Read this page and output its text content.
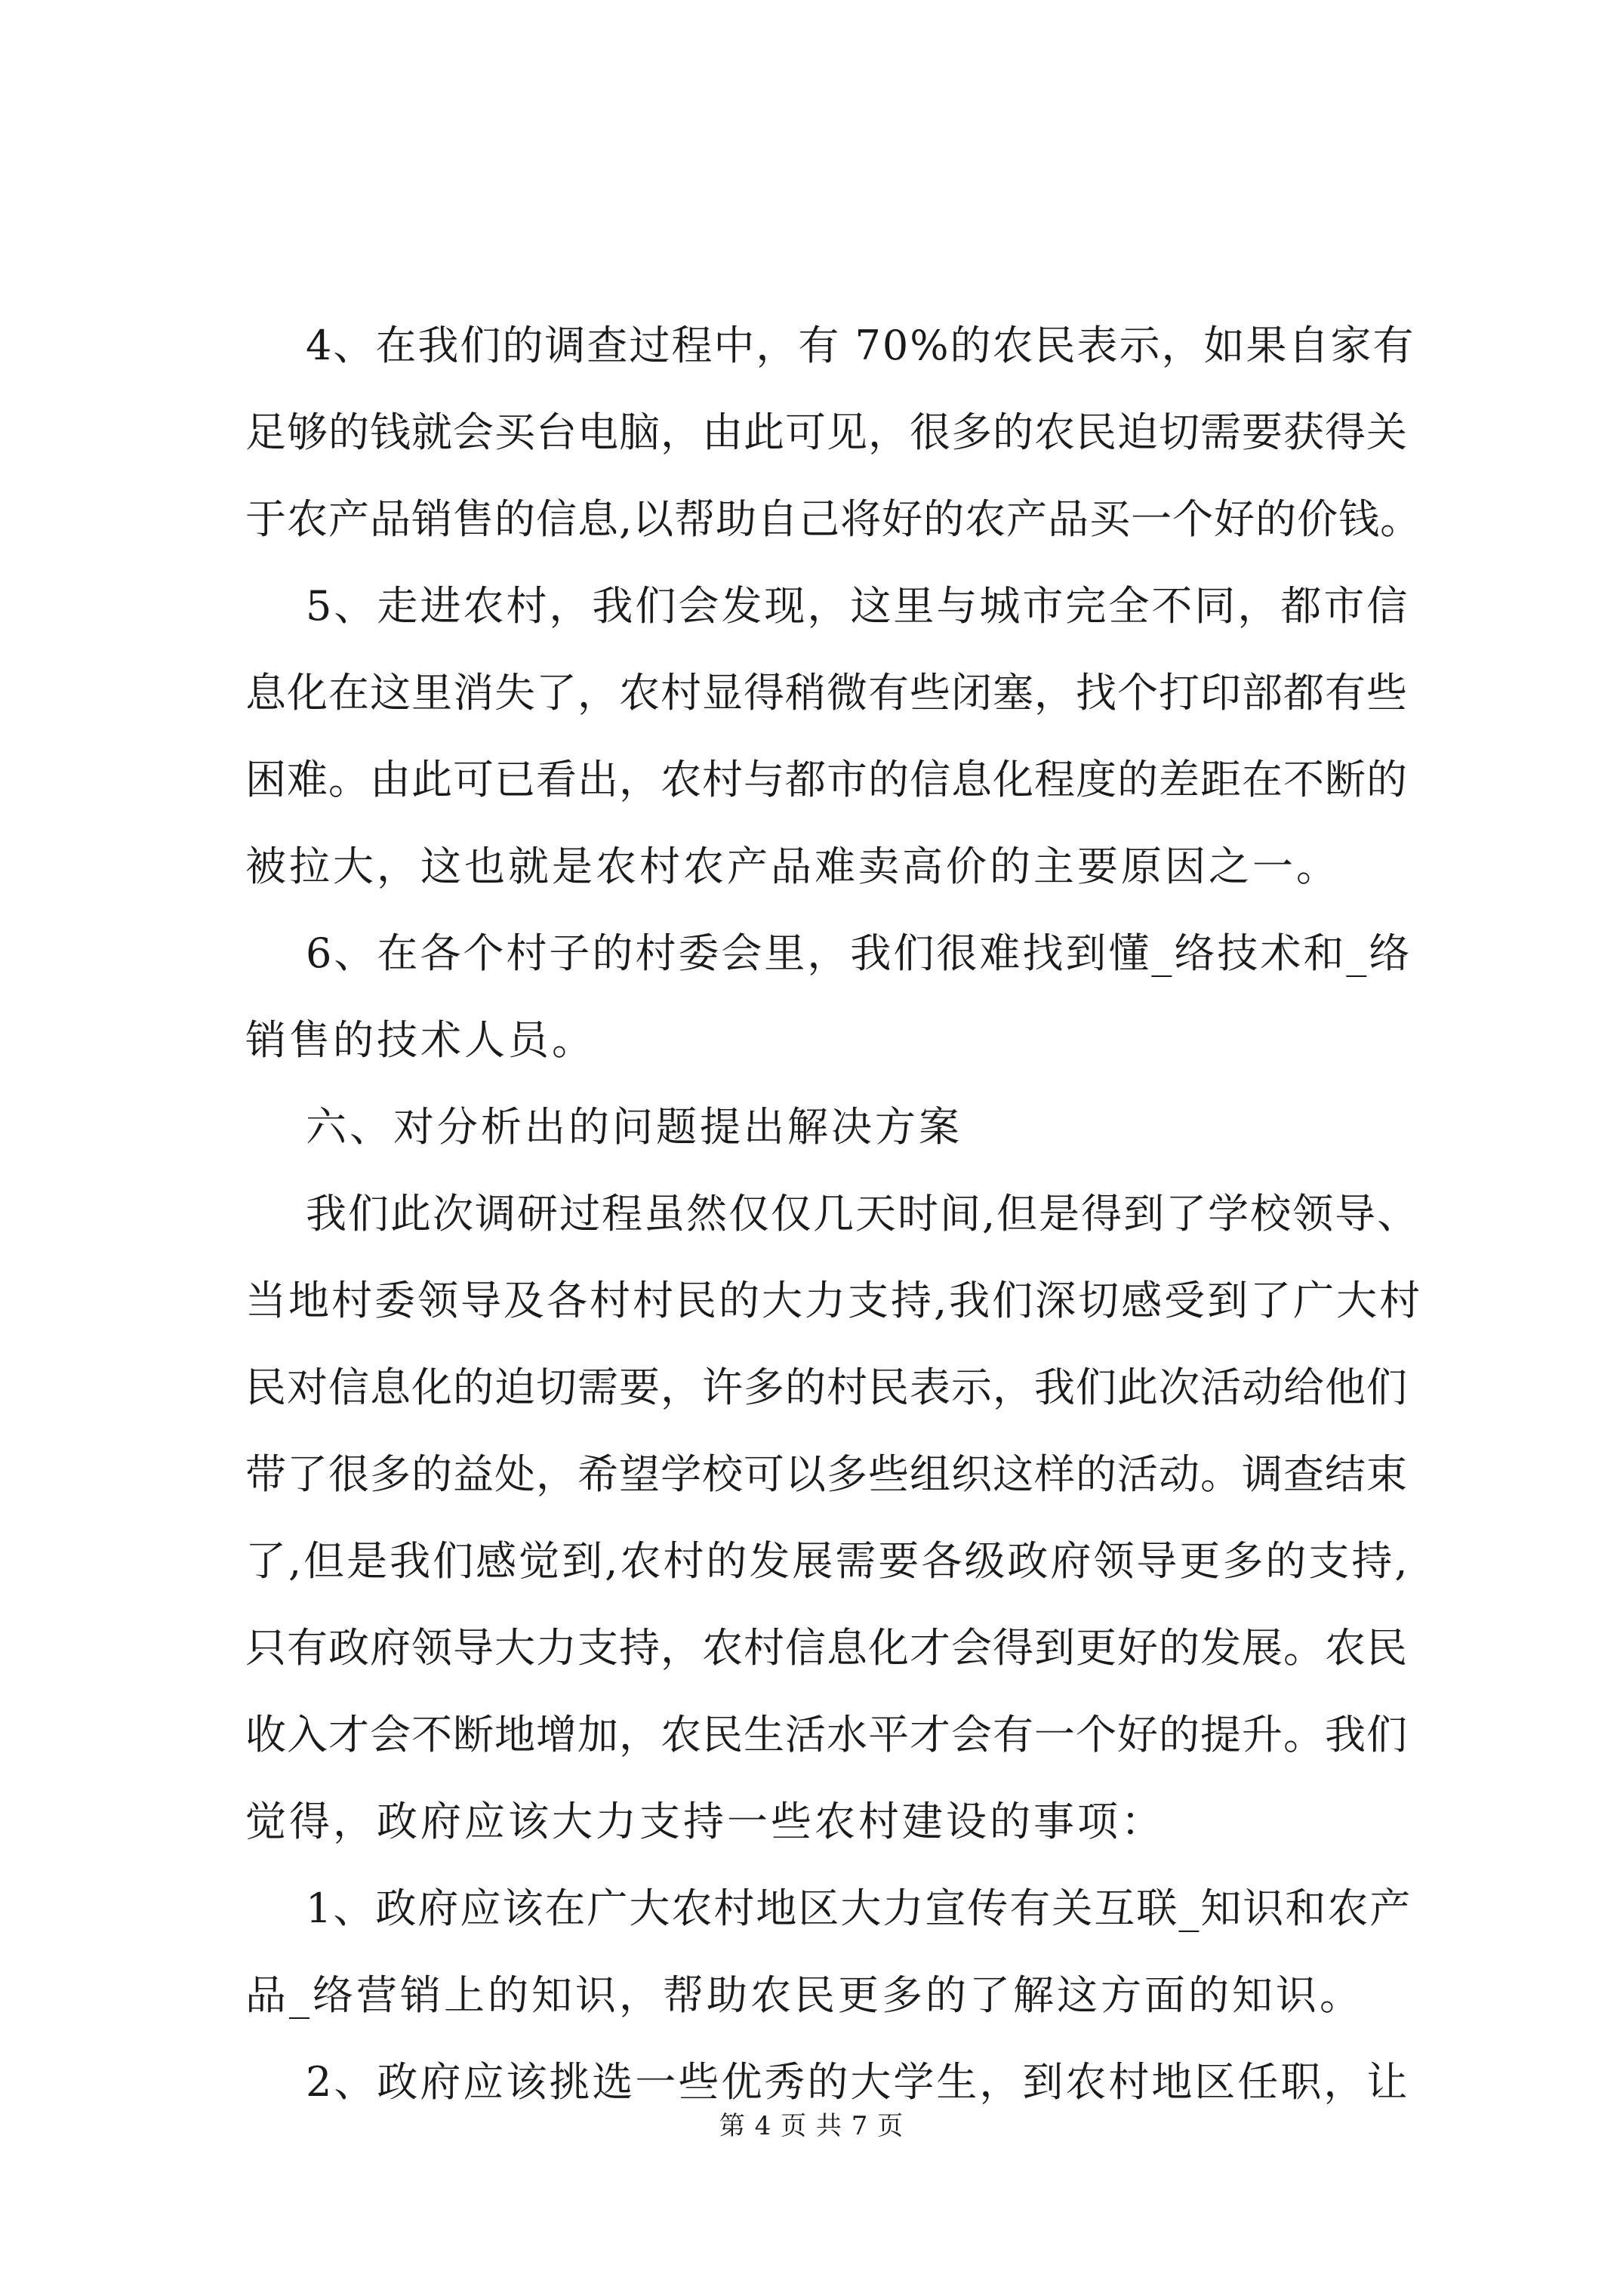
4、在我们的调查过程中，有 70%的农民表示，如果自家有
足够的钱就会买台电脑，由此可见，很多的农民迫切需要获得关
于农产品销售的信息,以帮助自己将好的农产品买一个好的价钱。
5、走进农村，我们会发现，这里与城市完全不同，都市信
息化在这里消失了，农村显得稍微有些闭塞，找个打印部都有些
困难。由此可已看出，农村与都市的信息化程度的差距在不断的
被拉大，这也就是农村农产品难卖高价的主要原因之一。
6、在各个村子的村委会里，我们很难找到懂_络技术和_络
销售的技术人员。
六、对分析出的问题提出解决方案
我们此次调研过程虽然仅仅几天时间,但是得到了学校领导、
当地村委领导及各村村民的大力支持,我们深切感受到了广大村
民对信息化的迫切需要，许多的村民表示，我们此次活动给他们
带了很多的益处，希望学校可以多些组织这样的活动。调查结束
了,但是我们感觉到,农村的发展需要各级政府领导更多的支持,
只有政府领导大力支持，农村信息化才会得到更好的发展。农民
收入才会不断地增加，农民生活水平才会有一个好的提升。我们
觉得，政府应该大力支持一些农村建设的事项：
1、政府应该在广大农村地区大力宣传有关互联_知识和农产
品_络营销上的知识，帮助农民更多的了解这方面的知识。
2、政府应该挑选一些优秀的大学生，到农村地区任职，让
第 4 页 共 7 页
